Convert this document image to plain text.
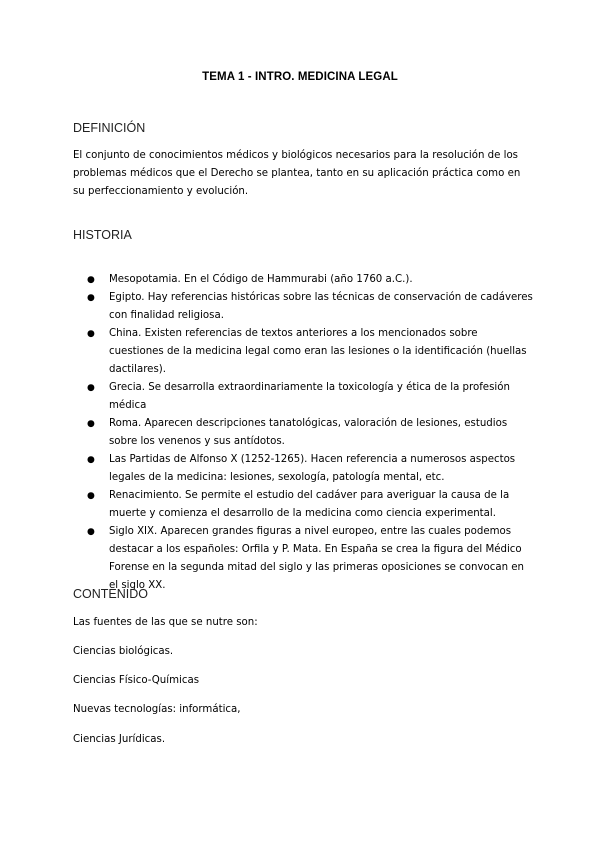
TEMA 1 - INTRO. MEDICINA LEGAL
DEFINICIÓN

El conjunto de conocimientos médicos y biológicos necesarios para la resolución de los problemas médicos que el Derecho se plantea, tanto en su aplicación práctica como en su perfeccionamiento y evolución.

HISTORIA
● Mesopotamia. En el Código de Hammurabi (año 1760 a.C.).
● Egipto. Hay referencias históricas sobre las técnicas de conservación de cadáveres con finalidad religiosa.
● China. Existen referencias de textos anteriores a los mencionados sobre cuestiones de la medicina legal como eran las lesiones o la identificación (huellas dactilares).
● Grecia. Se desarrolla extraordinariamente la toxicología y ética de la profesión médica
● Roma. Aparecen descripciones tanatológicas, valoración de lesiones, estudios sobre los venenos y sus antídotos.
● Las Partidas de Alfonso X (1252-1265). Hacen referencia a numerosos aspectos legales de la medicina: lesiones, sexología, patología mental, etc.
● Renacimiento. Se permite el estudio del cadáver para averiguar la causa de la muerte y comienza el desarrollo de la medicina como ciencia experimental.
● Siglo XIX. Aparecen grandes figuras a nivel europeo, entre las cuales podemos destacar a los españoles: Orfila y P. Mata. En España se crea la figura del Médico Forense en la segunda mitad del siglo y las primeras oposiciones se convocan en el siglo XX.
CONTENIDO

Las fuentes de las que se nutre son:

Ciencias biológicas.

Ciencias Físico-Químicas

Nuevas tecnologías: informática,

Ciencias Jurídicas.
